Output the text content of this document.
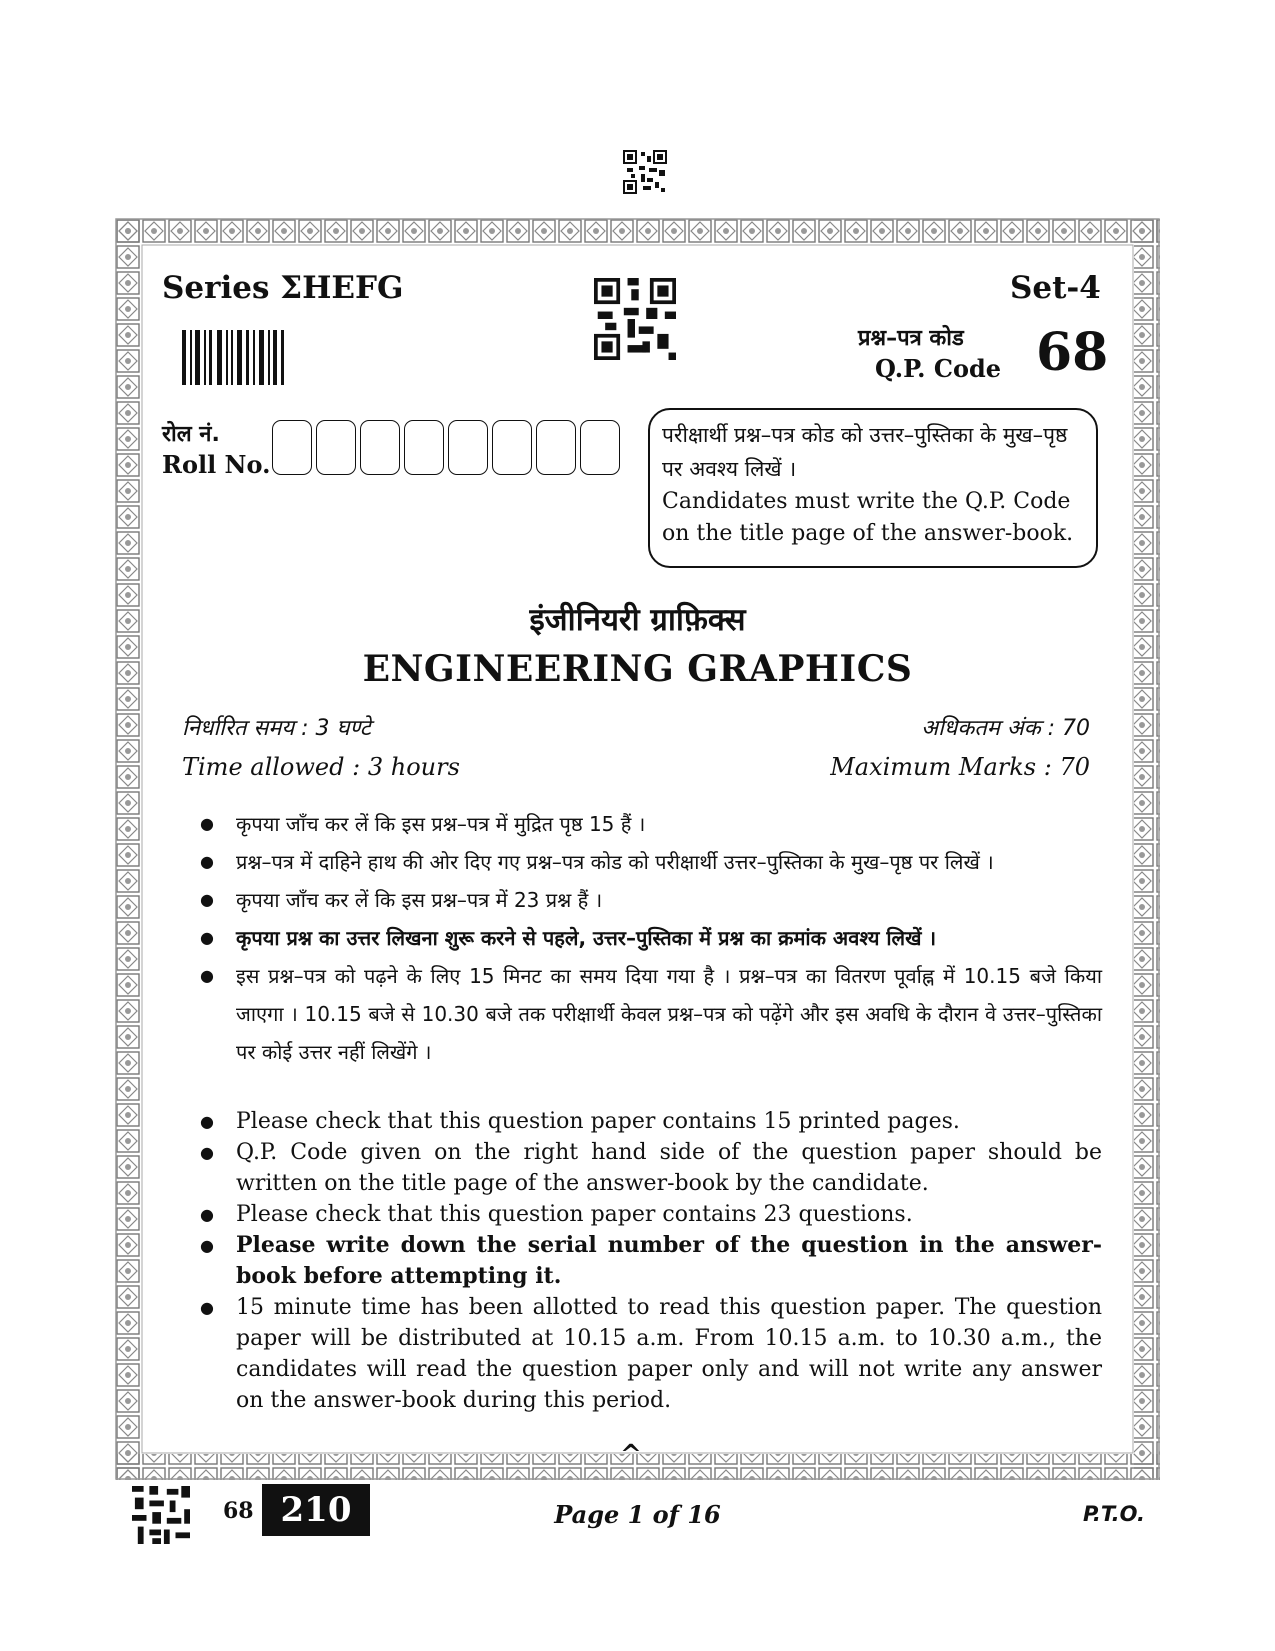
Series ΣHEFG	Set-4
प्रश्न–पत्र कोड
Q.P. Code 68
रोल नं.
Roll No.
परीक्षार्थी प्रश्न–पत्र कोड को उत्तर–पुस्तिका के मुख–पृष्ठ पर अवश्य लिखें ।
Candidates must write the Q.P. Code on the title page of the answer-book.
इंजीनियरी ग्राफ़िक्स
ENGINEERING GRAPHICS
निर्धारित समय : 3 घण्टे
Time allowed : 3 hours
अधिकतम अंक : 70
Maximum Marks : 70
● कृपया जाँच कर लें कि इस प्रश्न–पत्र में मुद्रित पृष्ठ 15 हैं ।
● प्रश्न–पत्र में दाहिने हाथ की ओर दिए गए प्रश्न–पत्र कोड को परीक्षार्थी उत्तर–पुस्तिका के मुख–पृष्ठ पर लिखें ।
● कृपया जाँच कर लें कि इस प्रश्न–पत्र में 23 प्रश्न हैं ।
● कृपया प्रश्न का उत्तर लिखना शुरू करने से पहले, उत्तर–पुस्तिका में प्रश्न का क्रमांक अवश्य लिखें ।
● इस प्रश्न–पत्र को पढ़ने के लिए 15 मिनट का समय दिया गया है । प्रश्न–पत्र का वितरण पूर्वाह्न में 10.15 बजे किया जाएगा । 10.15 बजे से 10.30 बजे तक परीक्षार्थी केवल प्रश्न–पत्र को पढ़ेंगे और इस अवधि के दौरान वे उत्तर–पुस्तिका पर कोई उत्तर नहीं लिखेंगे ।
● Please check that this question paper contains 15 printed pages.
● Q.P. Code given on the right hand side of the question paper should be written on the title page of the answer-book by the candidate.
● Please check that this question paper contains 23 questions.
● Please write down the serial number of the question in the answer-book before attempting it.
● 15 minute time has been allotted to read this question paper. The question paper will be distributed at 10.15 a.m. From 10.15 a.m. to 10.30 a.m., the candidates will read the question paper only and will not write any answer on the answer-book during this period.
^
68 210	Page 1 of 16	P.T.O.
